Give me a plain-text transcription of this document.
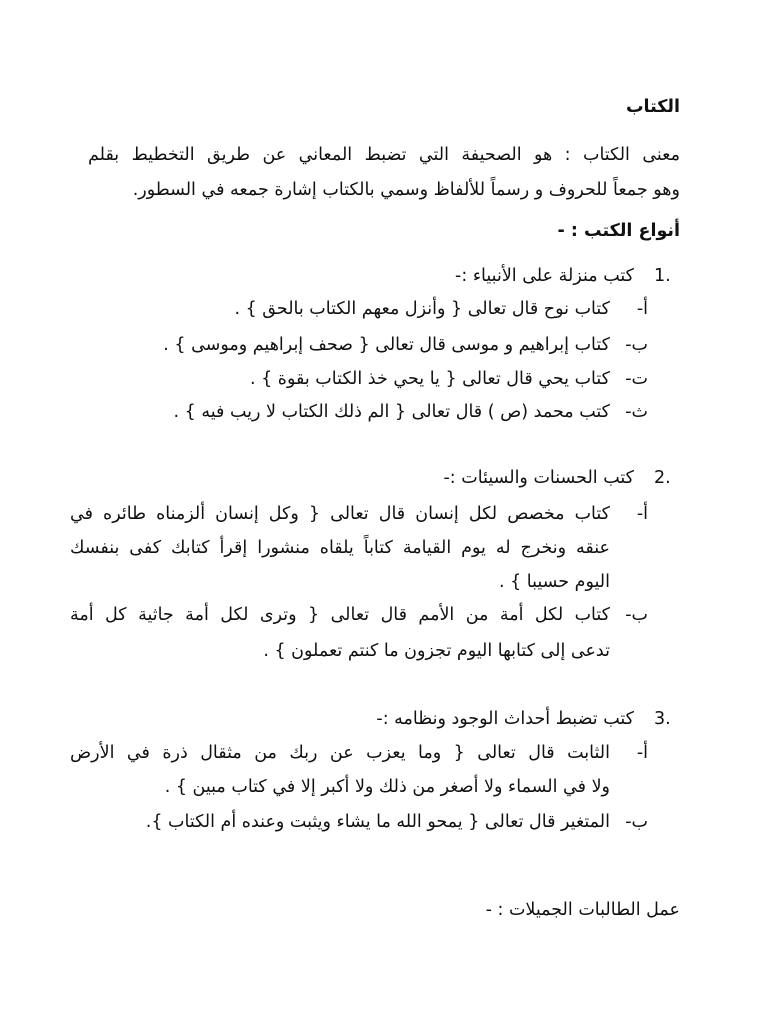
الكتاب
معنى الكتاب : هو الصحيفة التي تضبط المعاني عن طريق التخطيط بقلم
وهو جمعاً للحروف و رسماً للألفاظ وسمي بالكتاب إشارة جمعه في السطور.
أنواع الكتب : -
1.
كتب منزلة على الأنبياء :-
أ-
كتاب نوح قال تعالى { وأنزل معهم الكتاب بالحق } .
ب-
كتاب إبراهيم و موسى قال تعالى { صحف إبراهيم وموسى } .
ت-
كتاب يحي قال تعالى { يا يحي خذ الكتاب بقوة } .
ث-
كتب محمد (ص ) قال تعالى { الم ذلك الكتاب لا ريب فيه } .
2.
كتب الحسنات والسيئات :-
أ-
كتاب مخصص لكل إنسان قال تعالى { وكل إنسان ألزمناه طائره في
عنقه ونخرج له يوم القيامة كتاباً يلقاه منشورا إقرأ كتابك كفى بنفسك
اليوم حسيبا } .
ب-
كتاب لكل أمة من الأمم قال تعالى { وترى لكل أمة جاثية كل أمة
تدعى إلى كتابها اليوم تجزون ما كنتم تعملون } .
3.
كتب تضبط أحداث الوجود ونظامه :-
أ-
الثابت قال تعالى { وما يعزب عن ربك من مثقال ذرة في الأرض
ولا في السماء ولا أصغر من ذلك ولا أكبر إلا في كتاب مبين } .
ب-
المتغير قال تعالى { يمحو الله ما يشاء ويثبت وعنده أم الكتاب }.
عمل الطالبات الجميلات : -
